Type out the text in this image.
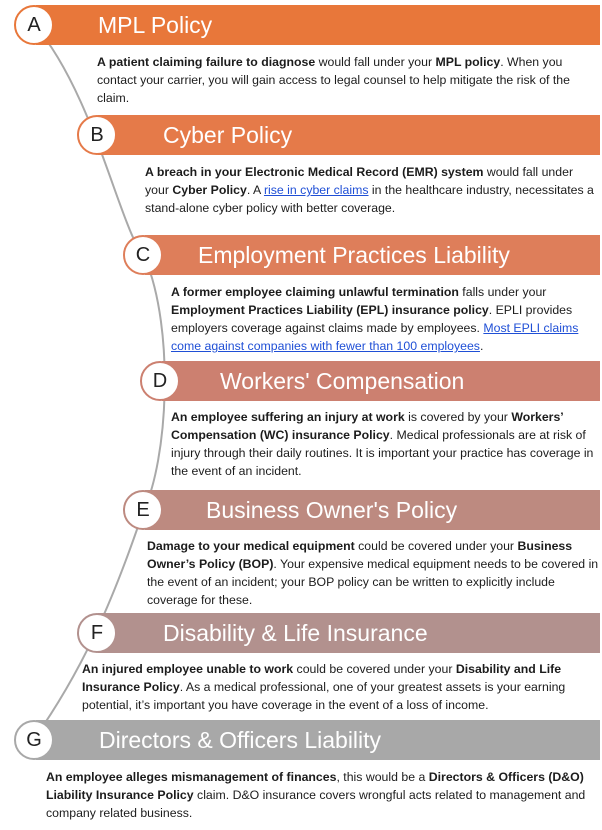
MPL Policy
A
A patient claiming failure to diagnose would fall under your MPL policy. When you contact your carrier, you will gain access to legal counsel to help mitigate the risk of the claim.
Cyber Policy
B
A breach in your Electronic Medical Record (EMR) system would fall under your Cyber Policy. A rise in cyber claims in the healthcare industry, necessitates a stand-alone cyber policy with better coverage.
Employment Practices Liability
C
A former employee claiming unlawful termination falls under your Employment Practices Liability (EPL) insurance policy. EPLI provides employers coverage against claims made by employees. Most EPLI claims come against companies with fewer than 100 employees.
Workers' Compensation
D
An employee suffering an injury at work is covered by your Workers’ Compensation (WC) insurance Policy. Medical professionals are at risk of injury through their daily routines. It is important your practice has coverage in the event of an incident.
Business Owner's Policy
E
Damage to your medical equipment could be covered under your Business Owner’s Policy (BOP). Your expensive medical equipment needs to be covered in the event of an incident; your BOP policy can be written to explicitly include coverage for these.
Disability & Life Insurance
F
An injured employee unable to work could be covered under your Disability and Life Insurance Policy. As a medical professional, one of your greatest assets is your earning potential, it’s important you have coverage in the event of a loss of income.
Directors & Officers Liability
G
An employee alleges mismanagement of finances, this would be a Directors & Officers (D&O) Liability Insurance Policy claim. D&O insurance covers wrongful acts related to management and company related business.
